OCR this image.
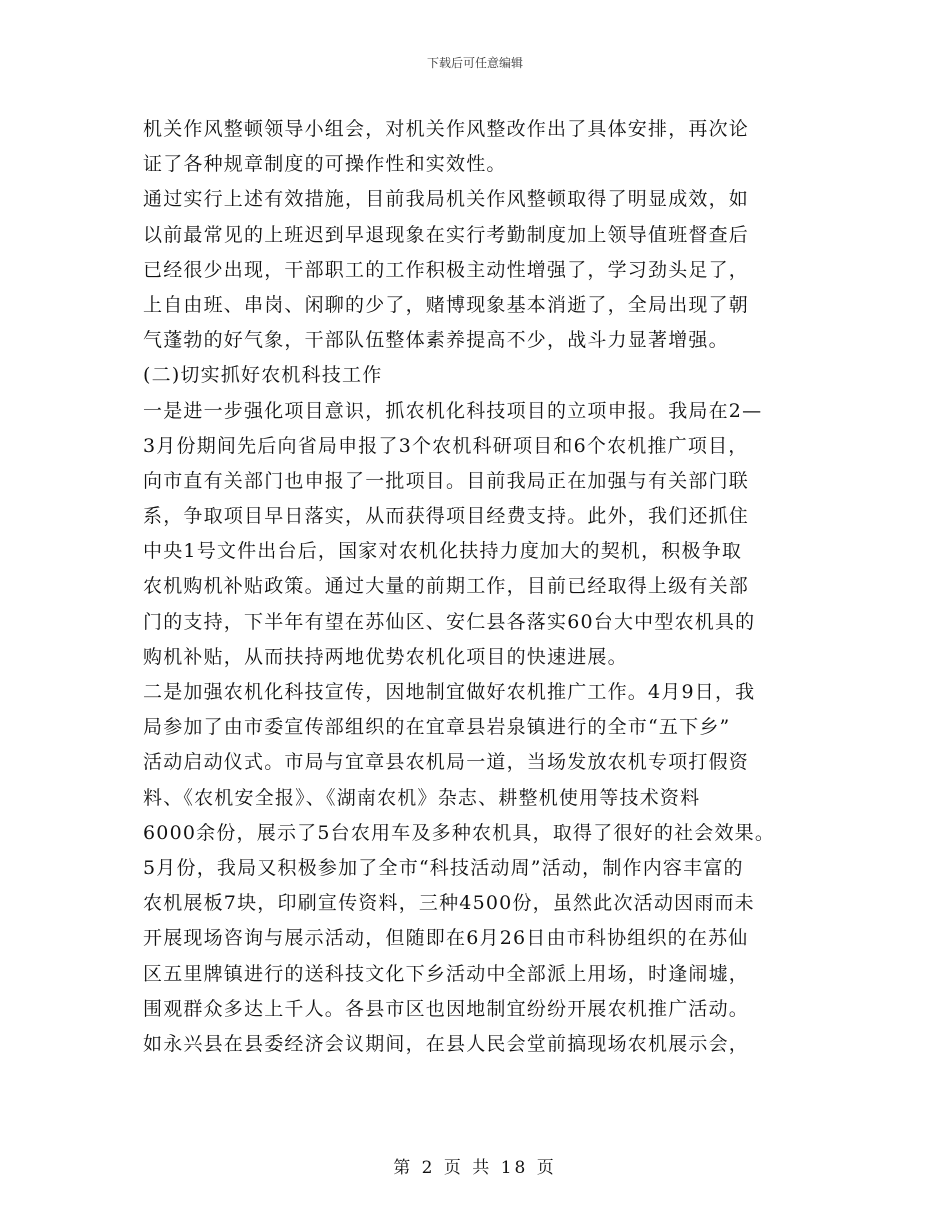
下载后可任意编辑
机关作风整顿领导小组会，对机关作风整改作出了具体安排，再次论
证了各种规章制度的可操作性和实效性。
通过实行上述有效措施，目前我局机关作风整顿取得了明显成效，如
以前最常见的上班迟到早退现象在实行考勤制度加上领导值班督查后
已经很少出现，干部职工的工作积极主动性增强了，学习劲头足了，
上自由班、串岗、闲聊的少了，赌博现象基本消逝了，全局出现了朝
气蓬勃的好气象，干部队伍整体素养提高不少，战斗力显著增强。
(二)切实抓好农机科技工作
一是进一步强化项目意识，抓农机化科技项目的立项申报。我局在2—
3月份期间先后向省局申报了3个农机科研项目和6个农机推广项目，
向市直有关部门也申报了一批项目。目前我局正在加强与有关部门联
系，争取项目早日落实，从而获得项目经费支持。此外，我们还抓住
中央1号文件出台后，国家对农机化扶持力度加大的契机，积极争取
农机购机补贴政策。通过大量的前期工作，目前已经取得上级有关部
门的支持，下半年有望在苏仙区、安仁县各落实60台大中型农机具的
购机补贴，从而扶持两地优势农机化项目的快速进展。
二是加强农机化科技宣传，因地制宜做好农机推广工作。4月9日，我
局参加了由市委宣传部组织的在宜章县岩泉镇进行的全市“五下乡”
活动启动仪式。市局与宜章县农机局一道，当场发放农机专项打假资
料、《农机安全报》、《湖南农机》杂志、耕整机使用等技术资料
6000余份，展示了5台农用车及多种农机具，取得了很好的社会效果。
5月份，我局又积极参加了全市“科技活动周”活动，制作内容丰富的
农机展板7块，印刷宣传资料，三种4500份，虽然此次活动因雨而未
开展现场咨询与展示活动，但随即在6月26日由市科协组织的在苏仙
区五里牌镇进行的送科技文化下乡活动中全部派上用场，时逢闹墟，
围观群众多达上千人。各县市区也因地制宜纷纷开展农机推广活动。
如永兴县在县委经济会议期间，在县人民会堂前搞现场农机展示会，
第 2 页 共 18 页
